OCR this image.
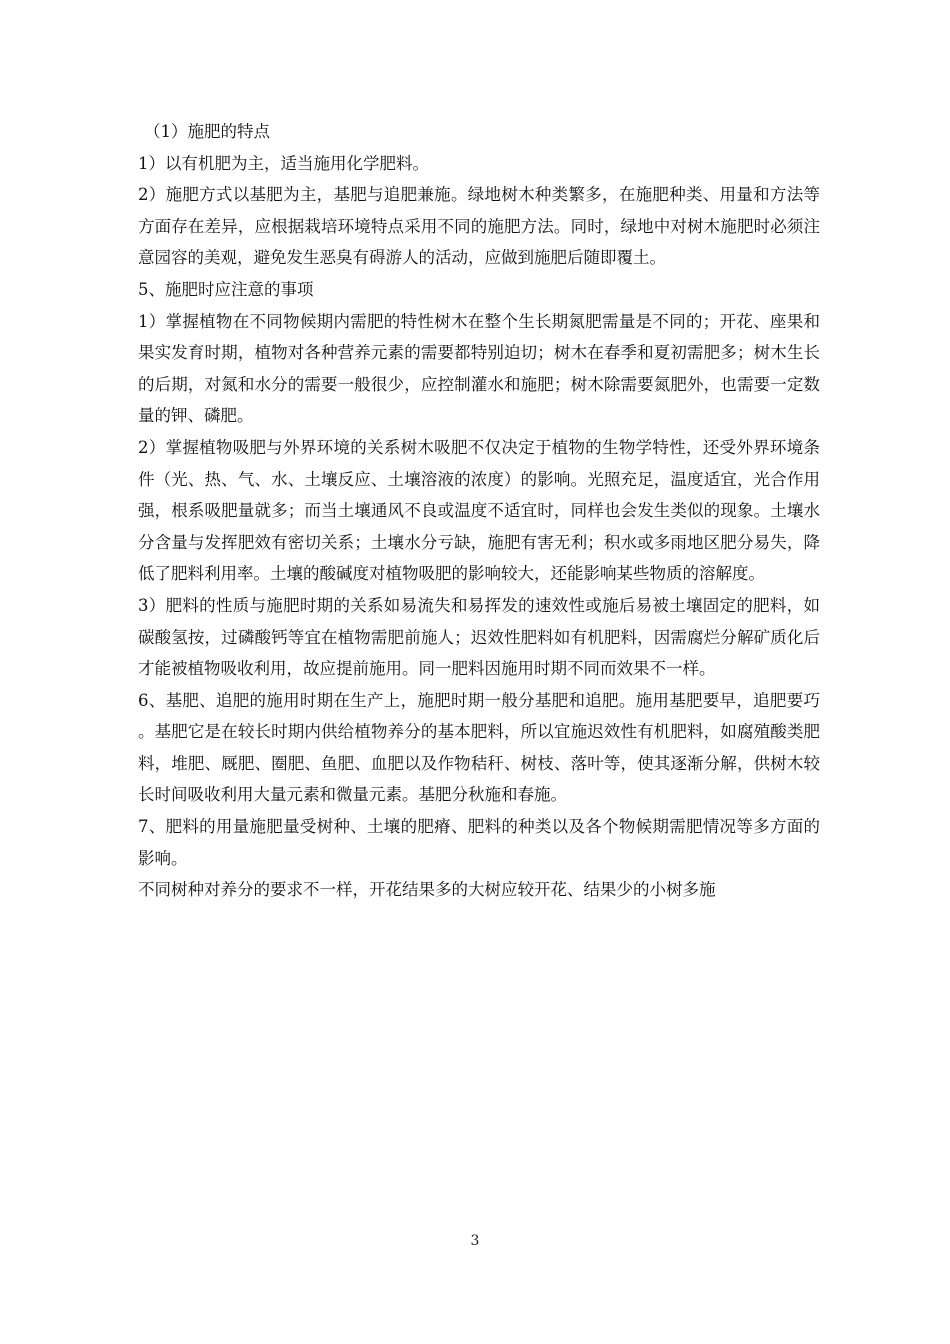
（1）施肥的特点

1）以有机肥为主，适当施用化学肥料。

2）施肥方式以基肥为主，基肥与追肥兼施。绿地树木种类繁多，在施肥种类、用量和方法等方面存在差异，应根据栽培环境特点采用不同的施肥方法。同时，绿地中对树木施肥时必须注意园容的美观，避免发生恶臭有碍游人的活动，应做到施肥后随即覆土。

5、施肥时应注意的事项

1）掌握植物在不同物候期内需肥的特性树木在整个生长期氮肥需量是不同的；开花、座果和果实发育时期，植物对各种营养元素的需要都特别迫切；树木在春季和夏初需肥多；树木生长的后期，对氮和水分的需要一般很少，应控制灌水和施肥；树木除需要氮肥外，也需要一定数量的钾、磷肥。

2）掌握植物吸肥与外界环境的关系树木吸肥不仅决定于植物的生物学特性，还受外界环境条件（光、热、气、水、土壤反应、土壤溶液的浓度）的影响。光照充足，温度适宜，光合作用强，根系吸肥量就多；而当土壤通风不良或温度不适宜时，同样也会发生类似的现象。土壤水分含量与发挥肥效有密切关系；土壤水分亏缺，施肥有害无利；积水或多雨地区肥分易失，降低了肥料利用率。土壤的酸碱度对植物吸肥的影响较大，还能影响某些物质的溶解度。

3）肥料的性质与施肥时期的关系如易流失和易挥发的速效性或施后易被土壤固定的肥料，如碳酸氢按，过磷酸钙等宜在植物需肥前施人；迟效性肥料如有机肥料，因需腐烂分解矿质化后才能被植物吸收利用，故应提前施用。同一肥料因施用时期不同而效果不一样。

6、基肥、追肥的施用时期在生产上，施肥时期一般分基肥和追肥。施用基肥要早，追肥要巧。基肥它是在较长时期内供给植物养分的基本肥料，所以宜施迟效性有机肥料，如腐殖酸类肥料，堆肥、厩肥、圈肥、鱼肥、血肥以及作物秸秆、树枝、落叶等，使其逐渐分解，供树木较长时间吸收利用大量元素和微量元素。基肥分秋施和春施。

7、肥料的用量施肥量受树种、土壤的肥瘠、肥料的种类以及各个物候期需肥情况等多方面的影响。

不同树种对养分的要求不一样，开花结果多的大树应较开花、结果少的小树多施

3
